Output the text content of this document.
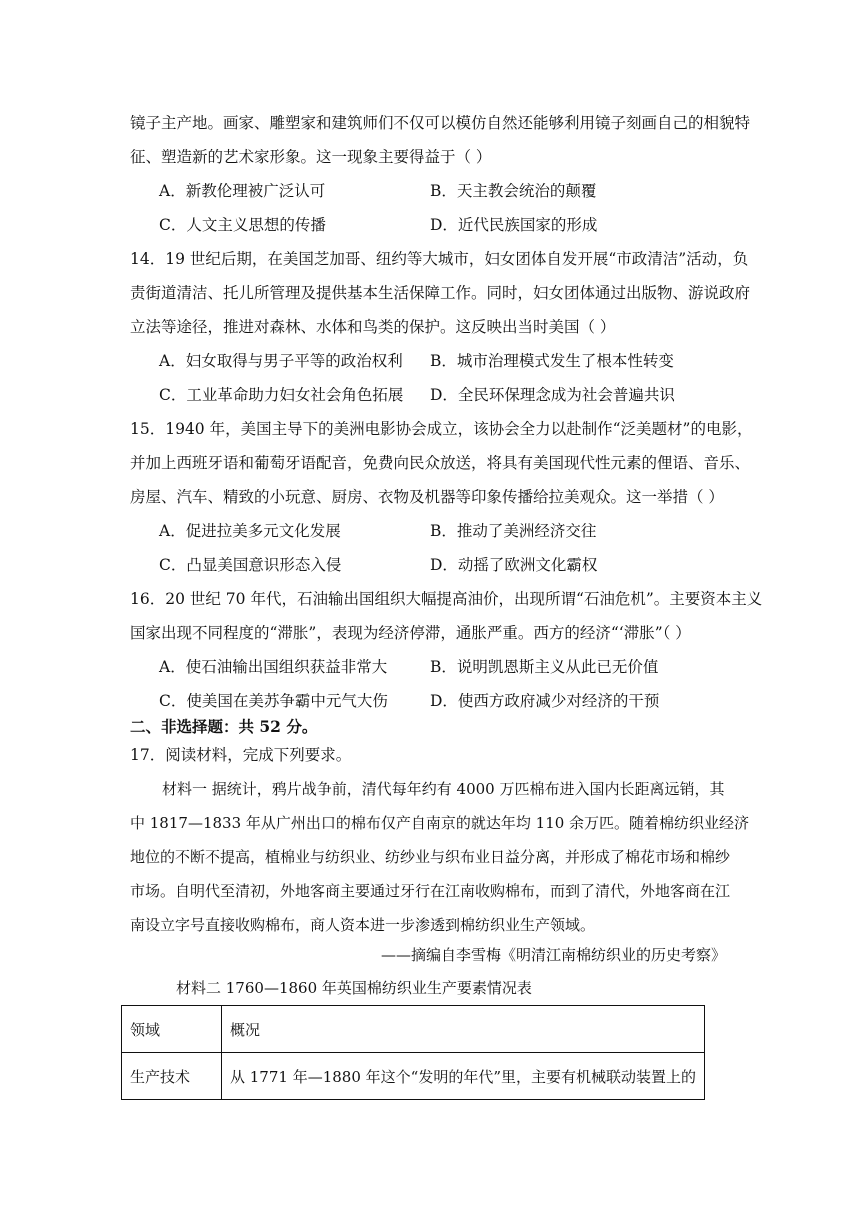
镜子主产地。画家、雕塑家和建筑师们不仅可以模仿自然还能够利用镜子刻画自己的相貌特
征、塑造新的艺术家形象。这一现象主要得益于（ ）
A．新教伦理被广泛认可	B．天主教会统治的颠覆
C．人文主义思想的传播	D．近代民族国家的形成
14．19 世纪后期，在美国芝加哥、纽约等大城市，妇女团体自发开展“市政清洁”活动，负
责街道清洁、托儿所管理及提供基本生活保障工作。同时，妇女团体通过出版物、游说政府
立法等途径，推进对森林、水体和鸟类的保护。这反映出当时美国（ ）
A．妇女取得与男子平等的政治权利 B．城市治理模式发生了根本性转变
C．工业革命助力妇女社会角色拓展 D．全民环保理念成为社会普遍共识
15．1940 年，美国主导下的美洲电影协会成立，该协会全力以赴制作“泛美题材”的电影，
并加上西班牙语和葡萄牙语配音，免费向民众放送，将具有美国现代性元素的俚语、音乐、
房屋、汽车、精致的小玩意、厨房、衣物及机器等印象传播给拉美观众。这一举措（ ）
A．促进拉美多元文化发展	B．推动了美洲经济交往
C．凸显美国意识形态入侵	D．动摇了欧洲文化霸权
16．20 世纪 70 年代，石油输出国组织大幅提高油价，出现所谓“石油危机”。主要资本主义
国家出现不同程度的“滞胀”，表现为经济停滞，通胀严重。西方的经济“‘滞胀”（ ）
A．使石油输出国组织获益非常大	B．说明凯恩斯主义从此已无价值
C．使美国在美苏争霸中元气大伤	D．使西方政府减少对经济的干预
二、非选择题：共 52 分。
17．阅读材料，完成下列要求。
材料一 据统计，鸦片战争前，清代每年约有 4000 万匹棉布进入国内长距离远销，其
中 1817—1833 年从广州出口的棉布仅产自南京的就达年均 110 余万匹。随着棉纺织业经济
地位的不断不提高，植棉业与纺织业、纺纱业与织布业日益分离，并形成了棉花市场和棉纱
市场。自明代至清初，外地客商主要通过牙行在江南收购棉布，而到了清代，外地客商在江
南设立字号直接收购棉布，商人资本进一步渗透到棉纺织业生产领域。
——摘编自李雪梅《明清江南棉纺织业的历史考察》
材料二 1760—1860 年英国棉纺织业生产要素情况表
领域	概况
生产技术	从 1771 年—1880 年这个“发明的年代”里，主要有机械联动装置上的
